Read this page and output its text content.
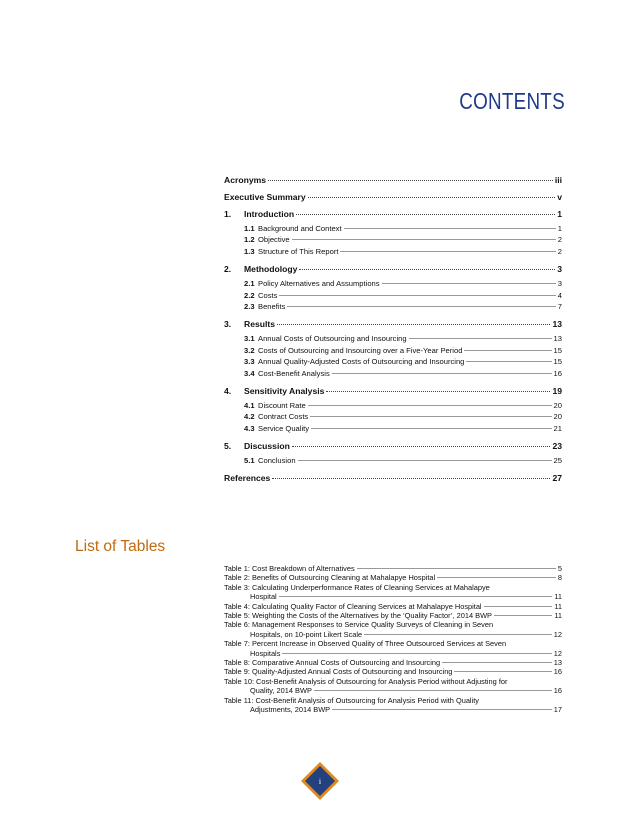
CONTENTS
Acronyms	iii
Executive Summary	v
1.	Introduction	1
1.1 Background and Context	1
1.2 Objective	2
1.3 Structure of This Report	2
2.	Methodology	3
2.1 Policy Alternatives and Assumptions	3
2.2 Costs	4
2.3 Benefits	7
3.	Results	13
3.1 Annual Costs of Outsourcing and Insourcing	13
3.2 Costs of Outsourcing and Insourcing over a Five-Year Period	15
3.3 Annual Quality-Adjusted Costs of Outsourcing and Insourcing	15
3.4 Cost-Benefit Analysis	16
4.	Sensitivity Analysis	19
4.1 Discount Rate	20
4.2 Contract Costs	20
4.3 Service Quality	21
5.	Discussion	23
5.1 Conclusion	25
References	27
List of Tables
Table 1: Cost Breakdown of Alternatives	5
Table 2: Benefits of Outsourcing Cleaning at Mahalapye Hospital	8
Table 3: Calculating Underperformance Rates of Cleaning Services at Mahalapye
Hospital	11
Table 4: Calculating Quality Factor of Cleaning Services at Mahalapye Hospital	11
Table 5: Weighting the Costs of the Alternatives by the ‘Quality Factor’, 2014 BWP	11
Table 6: Management Responses to Service Quality Surveys of Cleaning in Seven
Hospitals, on 10-point Likert Scale	12
Table 7: Percent Increase in Observed Quality of Three Outsourced Services at Seven
Hospitals	12
Table 8: Comparative Annual Costs of Outsourcing and Insourcing	13
Table 9: Quality-Adjusted Annual Costs of Outsourcing and Insourcing	16
Table 10: Cost-Benefit Analysis of Outsourcing for Analysis Period without Adjusting for
Quality, 2014 BWP	16
Table 11: Cost-Benefit Analysis of Outsourcing for Analysis Period with Quality
Adjustments, 2014 BWP	17
i
